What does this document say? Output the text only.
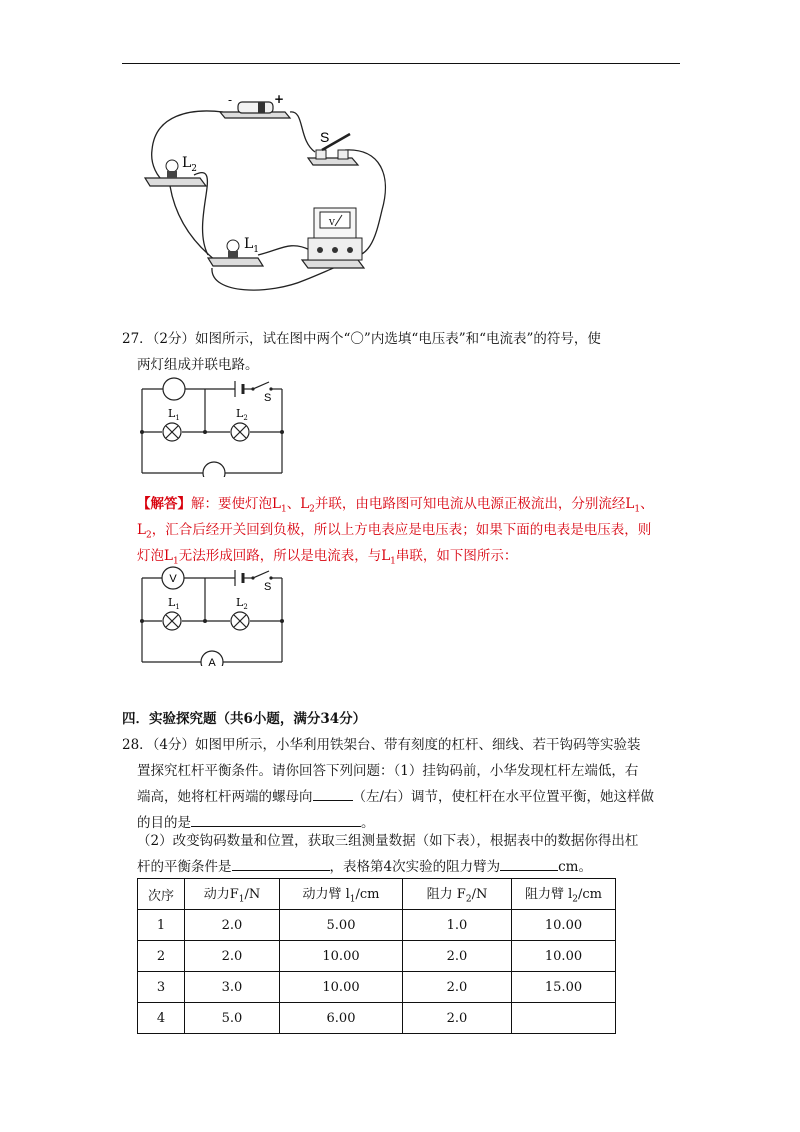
-	+
S
$L_2$
$L_1$
V
27．（2分）如图所示，试在图中两个“〇”内选填“电压表”和“电流表”的符号，使
两灯组成并联电路。
$L_1$	$L_2$
S
【解答】解：要使灯泡$L_1$、$L_2$并联，由电路图可知电流从电源正极流出，分别流经$L_1$、
$L_2$，汇合后经开关回到负极，所以上方电表应是电压表；如果下面的电表是电压表，则
灯泡$L_1$无法形成回路，所以是电流表，与$L_1$串联，如下图所示：
V
A
$L_1$	$L_2$
S
四．实验探究题（共6小题，满分34分）
28．（4分）如图甲所示，小华利用铁架台、带有刻度的杠杆、细线、若干钩码等实验装
置探究杠杆平衡条件。请你回答下列问题：（1）挂钩码前，小华发现杠杆左端低，右
端高，她将杠杆两端的螺母向	（左/右）调节，使杠杆在水平位置平衡，她这样做
的目的是	。
（2）改变钩码数量和位置，获取三组测量数据（如下表），根据表中的数据你得出杠
杆的平衡条件是	，表格第4次实验的阻力臂为	cm。
次序	动力$F_1/N$	动力臂 $l_1/cm$	阻力 $F_2/N$	阻力臂 $l_2/cm$
1	2.0	5.00	1.0	10.00
2	2.0	10.00	2.0	10.00
3	3.0	10.00	2.0	15.00
4	5.0	6.00	2.0	
